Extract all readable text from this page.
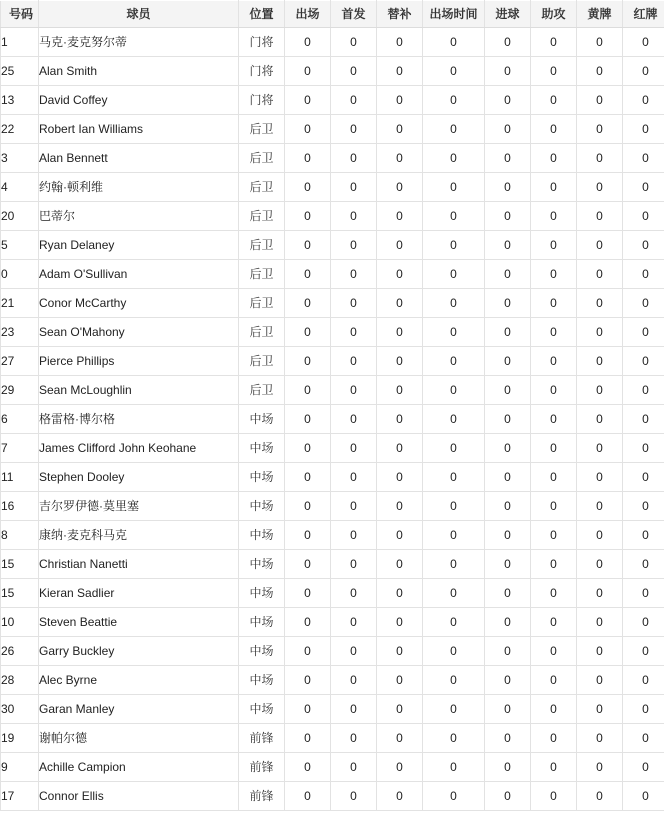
号码	球员	位置	出场	首发	替补	出场时间	进球	助攻	黄牌	红牌
1	马克·麦克努尔蒂	门将	0	0	0	0	0	0	0	0
25	Alan Smith	门将	0	0	0	0	0	0	0	0
13	David Coffey	门将	0	0	0	0	0	0	0	0
22	Robert Ian Williams	后卫	0	0	0	0	0	0	0	0
3	Alan Bennett	后卫	0	0	0	0	0	0	0	0
4	约翰·顿利维	后卫	0	0	0	0	0	0	0	0
20	巴蒂尔	后卫	0	0	0	0	0	0	0	0
5	Ryan Delaney	后卫	0	0	0	0	0	0	0	0
0	Adam O'Sullivan	后卫	0	0	0	0	0	0	0	0
21	Conor McCarthy	后卫	0	0	0	0	0	0	0	0
23	Sean O'Mahony	后卫	0	0	0	0	0	0	0	0
27	Pierce Phillips	后卫	0	0	0	0	0	0	0	0
29	Sean McLoughlin	后卫	0	0	0	0	0	0	0	0
6	格雷格·博尔格	中场	0	0	0	0	0	0	0	0
7	James Clifford John Keohane	中场	0	0	0	0	0	0	0	0
11	Stephen Dooley	中场	0	0	0	0	0	0	0	0
16	吉尔罗伊德·莫里塞	中场	0	0	0	0	0	0	0	0
8	康纳·麦克科马克	中场	0	0	0	0	0	0	0	0
15	Christian Nanetti	中场	0	0	0	0	0	0	0	0
15	Kieran Sadlier	中场	0	0	0	0	0	0	0	0
10	Steven Beattie	中场	0	0	0	0	0	0	0	0
26	Garry Buckley	中场	0	0	0	0	0	0	0	0
28	Alec Byrne	中场	0	0	0	0	0	0	0	0
30	Garan Manley	中场	0	0	0	0	0	0	0	0
19	谢帕尔德	前锋	0	0	0	0	0	0	0	0
9	Achille Campion	前锋	0	0	0	0	0	0	0	0
17	Connor Ellis	前锋	0	0	0	0	0	0	0	0
